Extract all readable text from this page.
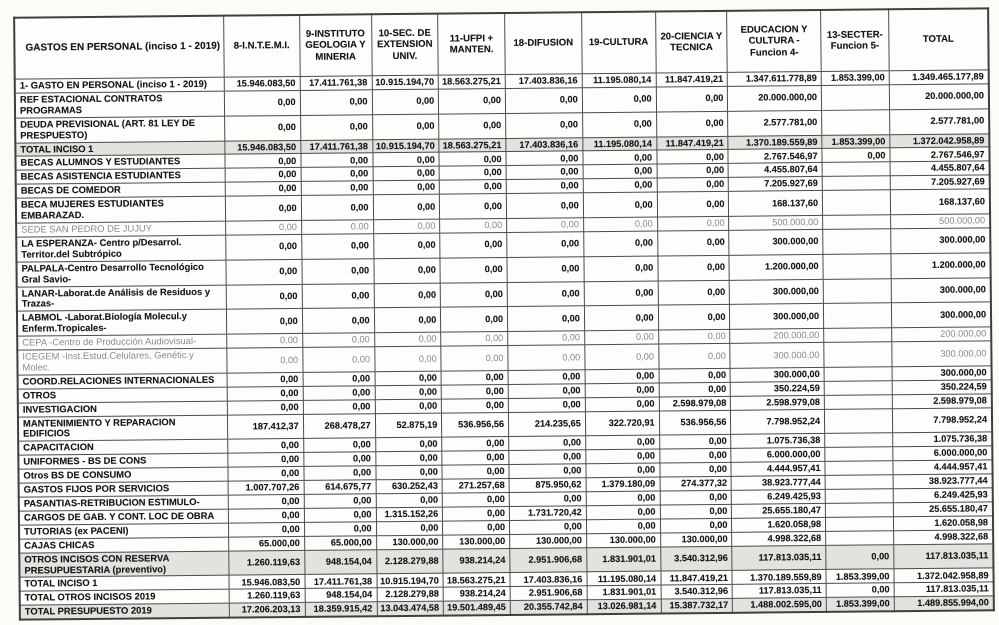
GASTOS EN PERSONAL (inciso 1 - 2019)	8-I.N.T.E.M.I.	9-INSTITUTO GEOLOGIA Y MINERIA	10-SEC. DE EXTENSION UNIV.	11-UFPI + MANTEN.	18-DIFUSION	19-CULTURA	20-CIENCIA Y TECNICA	EDUCACION Y CULTURA - Funcion 4-	13-SECTER- Funcion 5-	TOTAL
1- GASTO EN PERSONAL (inciso 1 - 2019)	15.946.083,50	17.411.761,38	10.915.194,70	18.563.275,21	17.403.836,16	11.195.080,14	11.847.419,21	1.347.611.778,89	1.853.399,00	1.349.465.177,89
REF ESTACIONAL CONTRATOS PROGRAMAS	0,00	0,00	0,00	0,00	0,00	0,00	0,00	20.000.000,00		20.000.000,00
DEUDA PREVISIONAL (ART. 81 LEY DE PRESPUESTO)	0,00	0,00	0,00	0,00	0,00	0,00	0,00	2.577.781,00		2.577.781,00
TOTAL INCISO 1	15.946.083,50	17.411.761,38	10.915.194,70	18.563.275,21	17.403.836,16	11.195.080,14	11.847.419,21	1.370.189.559,89	1.853.399,00	1.372.042.958,89
BECAS ALUMNOS Y ESTUDIANTES	0,00	0,00	0,00	0,00	0,00	0,00	0,00	2.767.546,97	0,00	2.767.546,97
BECAS ASISTENCIA ESTUDIANTES	0,00	0,00	0,00	0,00	0,00	0,00	0,00	4.455.807,64		4.455.807,64
BECAS DE COMEDOR	0,00	0,00	0,00	0,00	0,00	0,00	0,00	7.205.927,69		7.205.927,69
BECA MUJERES ESTUDIANTES EMBARAZAD.	0,00	0,00	0,00	0,00	0,00	0,00	0,00	168.137,60		168.137,60
SEDE SAN PEDRO DE JUJUY	0,00	0,00	0,00	0,00	0,00	0,00	0,00	500.000,00		500.000,00
LA ESPERANZA- Centro p/Desarrol. Territor.del Subtrópico	0,00	0,00	0,00	0,00	0,00	0,00	0,00	300.000,00		300.000,00
PALPALA-Centro Desarrollo Tecnológico Gral Savio-	0,00	0,00	0,00	0,00	0,00	0,00	0,00	1.200.000,00		1.200.000,00
LANAR-Laborat.de Análisis de Residuos y Trazas-	0,00	0,00	0,00	0,00	0,00	0,00	0,00	300.000,00		300.000,00
LABMOL -Laborat.Biología Molecul.y Enferm.Tropicales-	0,00	0,00	0,00	0,00	0,00	0,00	0,00	300.000,00		300.000,00
CEPA -Centro de Producción Audiovisual-	0,00	0,00	0,00	0,00	0,00	0,00	0,00	200.000,00		200.000,00
ICEGEM -Inst.Estud.Celulares, Genétic.y Molec.	0,00	0,00	0,00	0,00	0,00	0,00	0,00	300.000,00		300.000,00
COORD.RELACIONES INTERNACIONALES	0,00	0,00	0,00	0,00	0,00	0,00	0,00	300.000,00		300.000,00
OTROS	0,00	0,00	0,00	0,00	0,00	0,00	0,00	350.224,59		350.224,59
INVESTIGACION	0,00	0,00	0,00	0,00	0,00	0,00	2.598.979,08	2.598.979,08		2.598.979,08
MANTENIMIENTO Y REPARACION EDIFICIOS	187.412,37	268.478,27	52.875,19	536.956,56	214.235,65	322.720,91	536.956,56	7.798.952,24		7.798.952,24
CAPACITACION	0,00	0,00	0,00	0,00	0,00	0,00	0,00	1.075.736,38		1.075.736,38
UNIFORMES - BS DE CONS	0,00	0,00	0,00	0,00	0,00	0,00	0,00	6.000.000,00		6.000.000,00
Otros BS DE CONSUMO	0,00	0,00	0,00	0,00	0,00	0,00	0,00	4.444.957,41		4.444.957,41
GASTOS FIJOS POR SERVICIOS	1.007.707,26	614.675,77	630.252,43	271.257,68	875.950,62	1.379.180,09	274.377,32	38.923.777,44		38.923.777,44
PASANTIAS-RETRIBUCION ESTIMULO-	0,00	0,00	0,00	0,00	0,00	0,00	0,00	6.249.425,93		6.249.425,93
CARGOS DE GAB. Y CONT. LOC DE OBRA	0,00	0,00	1.315.152,26	0,00	1.731.720,42	0,00	0,00	25.655.180,47		25.655.180,47
TUTORIAS (ex PACENI)	0,00	0,00	0,00	0,00	0,00	0,00	0,00	1.620.058,98		1.620.058,98
CAJAS CHICAS	65.000,00	65.000,00	130.000,00	130.000,00	130.000,00	130.000,00	130.000,00	4.998.322,68		4.998.322,68
OTROS INCISOS CON RESERVA PRESUPUESTARIA (preventivo)	1.260.119,63	948.154,04	2.128.279,88	938.214,24	2.951.906,68	1.831.901,01	3.540.312,96	117.813.035,11	0,00	117.813.035,11
TOTAL INCISO 1	15.946.083,50	17.411.761,38	10.915.194,70	18.563.275,21	17.403.836,16	11.195.080,14	11.847.419,21	1.370.189.559,89	1.853.399,00	1.372.042.958,89
TOTAL OTROS INCISOS 2019	1.260.119,63	948.154,04	2.128.279,88	938.214,24	2.951.906,68	1.831.901,01	3.540.312,96	117.813.035,11	0,00	117.813.035,11
TOTAL PRESUPUESTO 2019	17.206.203,13	18.359.915,42	13.043.474,58	19.501.489,45	20.355.742,84	13.026.981,14	15.387.732,17	1.488.002.595,00	1.853.399,00	1.489.855.994,00
